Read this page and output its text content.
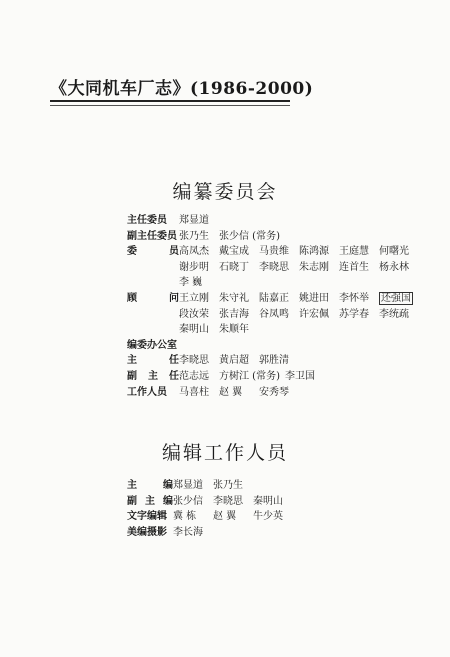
《大同机车厂志》(1986-2000)
编纂委员会
主任委员	郑显道
副主任委员 张乃生	张少信 (常务)
委	员 高凤杰	戴宝成	马贵维	陈鸿源	王庭慧	何曙光
谢步明	石晓丁	李晓思	朱志刚	连首生	杨永林
李 巍
顾	问 王立刚	朱守礼	陆嘉正	姚进田	李怀举	还强国
段汝荣	张吉海	谷凤鸣	许宏佩	苏学春	李统疏
秦明山	朱顺年
编委办公室
主	任 李晓思	黄启超	郭胜清
副 主 任 范志远	方树江 (常务) 李卫国
工作人员	马喜柱	赵 翼	安秀琴
编辑工作人员
主	编 郑显道	张乃生
副 主 编 张少信	李晓思	秦明山
文字编辑 冀 栋	赵 翼	牛少英
美编摄影 李长海
